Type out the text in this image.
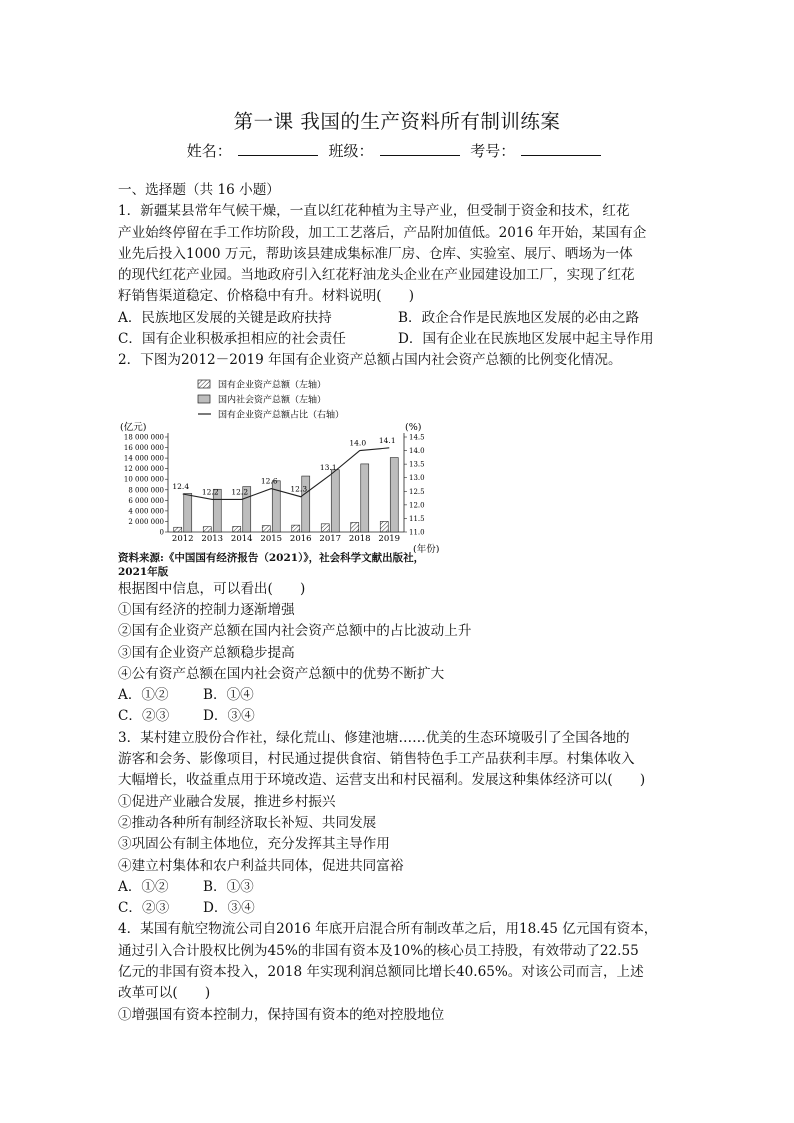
第一课 我国的生产资料所有制训练案
姓名：	班级：	考号：
一、选择题（共 16 小题）
1．新疆某县常年气候干燥，一直以红花种植为主导产业，但受制于资金和技术，红花
产业始终停留在手工作坊阶段，加工工艺落后，产品附加值低。2016 年开始，某国有企
业先后投入1000 万元，帮助该县建成集标准厂房、仓库、实验室、展厅、晒场为一体
的现代红花产业园。当地政府引入红花籽油龙头企业在产业园建设加工厂，实现了红花
籽销售渠道稳定、价格稳中有升。材料说明(　　)
A．民族地区发展的关键是政府扶持	B．政企合作是民族地区发展的必由之路
C．国有企业积极承担相应的社会责任	D．国有企业在民族地区发展中起主导作用
2．下图为2012－2019 年国有企业资产总额占国内社会资产总额的比例变化情况。
国有企业资产总额（左轴）
国内社会资产总额（左轴）
国有企业资产总额占比（右轴）
(亿元)	(%)
(年份)
0
2 000 000
4 000 000
6 000 000
8 000 000
10 000 000
12 000 000
14 000 000
16 000 000
18 000 000
11.0
11.5
12.0
12.5
13.0
13.5
14.0
14.5
2012 2013 2014 2015 2016 2017 2018 2019
12.4
12.2 12.2
12.6
12.3
13.1
14.0 14.1
资料来源:《中国国有经济报告（2021）》，社会科学文献出版社，2021年版
根据图中信息，可以看出(　　)
①国有经济的控制力逐渐增强
②国有企业资产总额在国内社会资产总额中的占比波动上升
③国有企业资产总额稳步提高
④公有资产总额在国内社会资产总额中的优势不断扩大
A．①②	B．①④
C．②③	D．③④
3．某村建立股份合作社，绿化荒山、修建池塘……优美的生态环境吸引了全国各地的
游客和会务、影像项目，村民通过提供食宿、销售特色手工产品获利丰厚。村集体收入
大幅增长，收益重点用于环境改造、运营支出和村民福利。发展这种集体经济可以(　　)
①促进产业融合发展，推进乡村振兴
②推动各种所有制经济取长补短、共同发展
③巩固公有制主体地位，充分发挥其主导作用
④建立村集体和农户利益共同体，促进共同富裕
A．①②	B．①③
C．②③	D．③④
4．某国有航空物流公司自2016 年底开启混合所有制改革之后，用18.45 亿元国有资本，
通过引入合计股权比例为45%的非国有资本及10%的核心员工持股，有效带动了22.55
亿元的非国有资本投入，2018 年实现利润总额同比增长40.65%。对该公司而言，上述
改革可以(　　)
①增强国有资本控制力，保持国有资本的绝对控股地位
